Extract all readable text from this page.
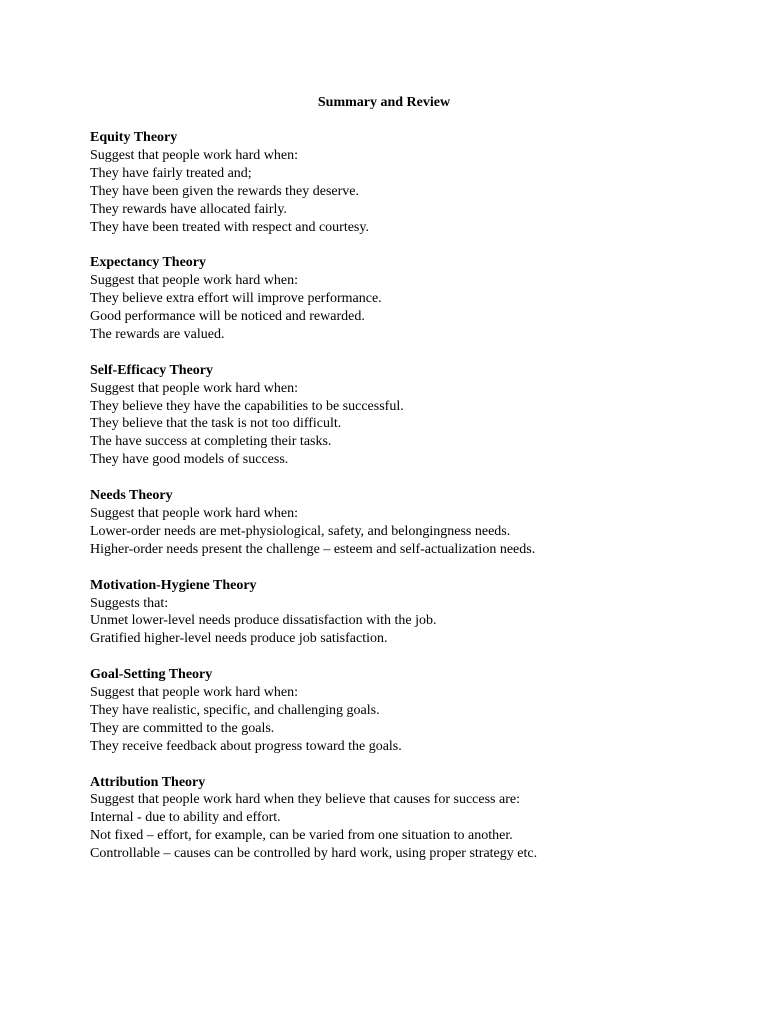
Summary and Review
Equity Theory
Suggest that people work hard when:
They have fairly treated and;
They have been given the rewards they deserve.
They rewards have allocated fairly.
They have been treated with respect and courtesy.
Expectancy Theory
Suggest that people work hard when:
They believe extra effort will improve performance.
Good performance will be noticed and rewarded.
The rewards are valued.
Self-Efficacy Theory
Suggest that people work hard when:
They believe they have the capabilities to be successful.
They believe that the task is not too difficult.
The have success at completing their tasks.
They have good models of success.
Needs Theory
Suggest that people work hard when:
Lower-order needs are met-physiological, safety, and belongingness needs.
Higher-order needs present the challenge – esteem and self-actualization needs.
Motivation-Hygiene Theory
Suggests that:
Unmet lower-level needs produce dissatisfaction with the job.
Gratified higher-level needs produce job satisfaction.
Goal-Setting Theory
Suggest that people work hard when:
They have realistic, specific, and challenging goals.
They are committed to the goals.
They receive feedback about progress toward the goals.
Attribution Theory
Suggest that people work hard when they believe that causes for success are:
Internal - due to ability and effort.
Not fixed – effort, for example, can be varied from one situation to another.
Controllable – causes can be controlled by hard work, using proper strategy etc.
